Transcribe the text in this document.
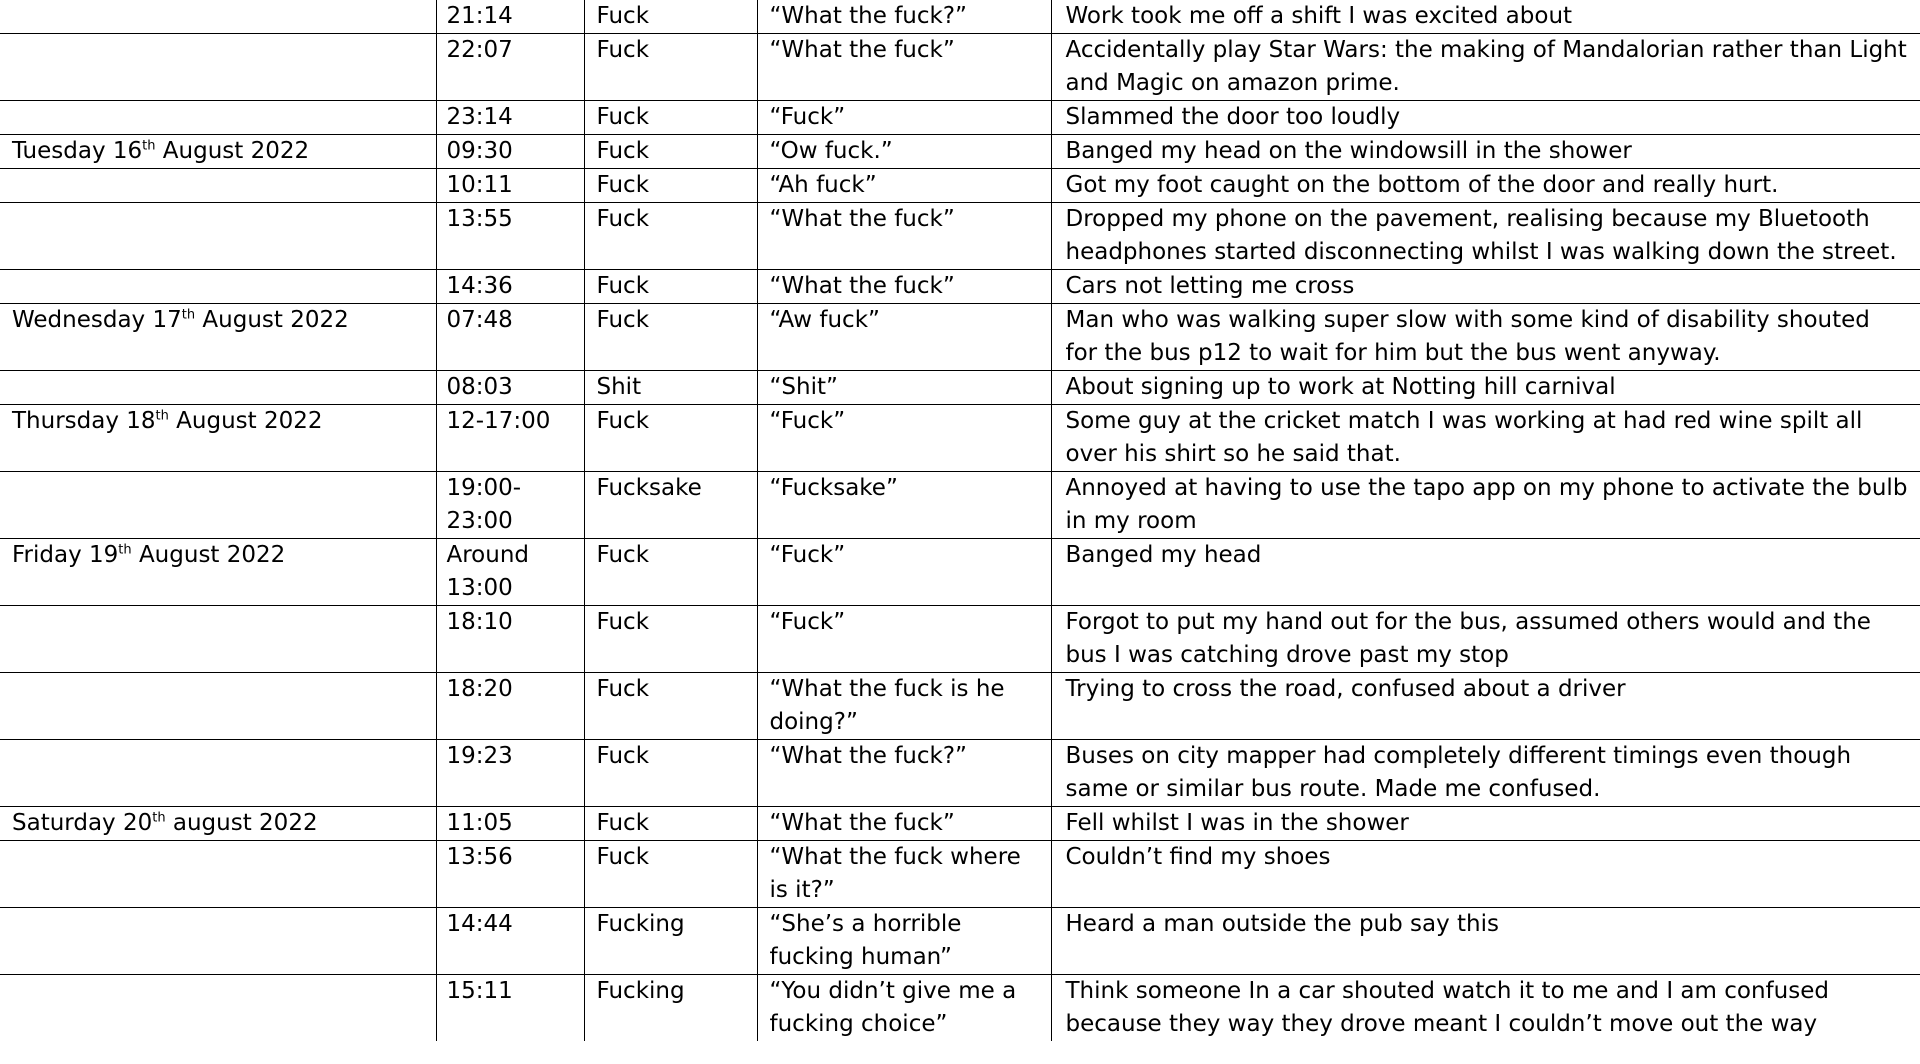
	21:14	Fuck	“What the fuck?”	Work took me off a shift I was excited about
	22:07	Fuck	“What the fuck”	Accidentally play Star Wars: the making of Mandalorian rather than Light and Magic on amazon prime.
	23:14	Fuck	“Fuck”	Slammed the door too loudly
Tuesday 16th August 2022	09:30	Fuck	“Ow fuck.”	Banged my head on the windowsill in the shower
	10:11	Fuck	“Ah fuck”	Got my foot caught on the bottom of the door and really hurt.
	13:55	Fuck	“What the fuck”	Dropped my phone on the pavement, realising because my Bluetooth headphones started disconnecting whilst I was walking down the street.
	14:36	Fuck	“What the fuck”	Cars not letting me cross
Wednesday 17th August 2022	07:48	Fuck	“Aw fuck”	Man who was walking super slow with some kind of disability shouted for the bus p12 to wait for him but the bus went anyway.
	08:03	Shit	“Shit”	About signing up to work at Notting hill carnival
Thursday 18th August 2022	12-17:00	Fuck	“Fuck”	Some guy at the cricket match I was working at had red wine spilt all over his shirt so he said that.
	19:00-23:00	Fucksake	“Fucksake”	Annoyed at having to use the tapo app on my phone to activate the bulb in my room
Friday 19th August 2022	Around 13:00	Fuck	“Fuck”	Banged my head
	18:10	Fuck	“Fuck”	Forgot to put my hand out for the bus, assumed others would and the bus I was catching drove past my stop
	18:20	Fuck	“What the fuck is he doing?”	Trying to cross the road, confused about a driver
	19:23	Fuck	“What the fuck?”	Buses on city mapper had completely different timings even though same or similar bus route. Made me confused.
Saturday 20th august 2022	11:05	Fuck	“What the fuck”	Fell whilst I was in the shower
	13:56	Fuck	“What the fuck where is it?”	Couldn’t find my shoes
	14:44	Fucking	“She’s a horrible fucking human”	Heard a man outside the pub say this
	15:11	Fucking	“You didn’t give me a fucking choice”	Think someone In a car shouted watch it to me and I am confused because they way they drove meant I couldn’t move out the way
